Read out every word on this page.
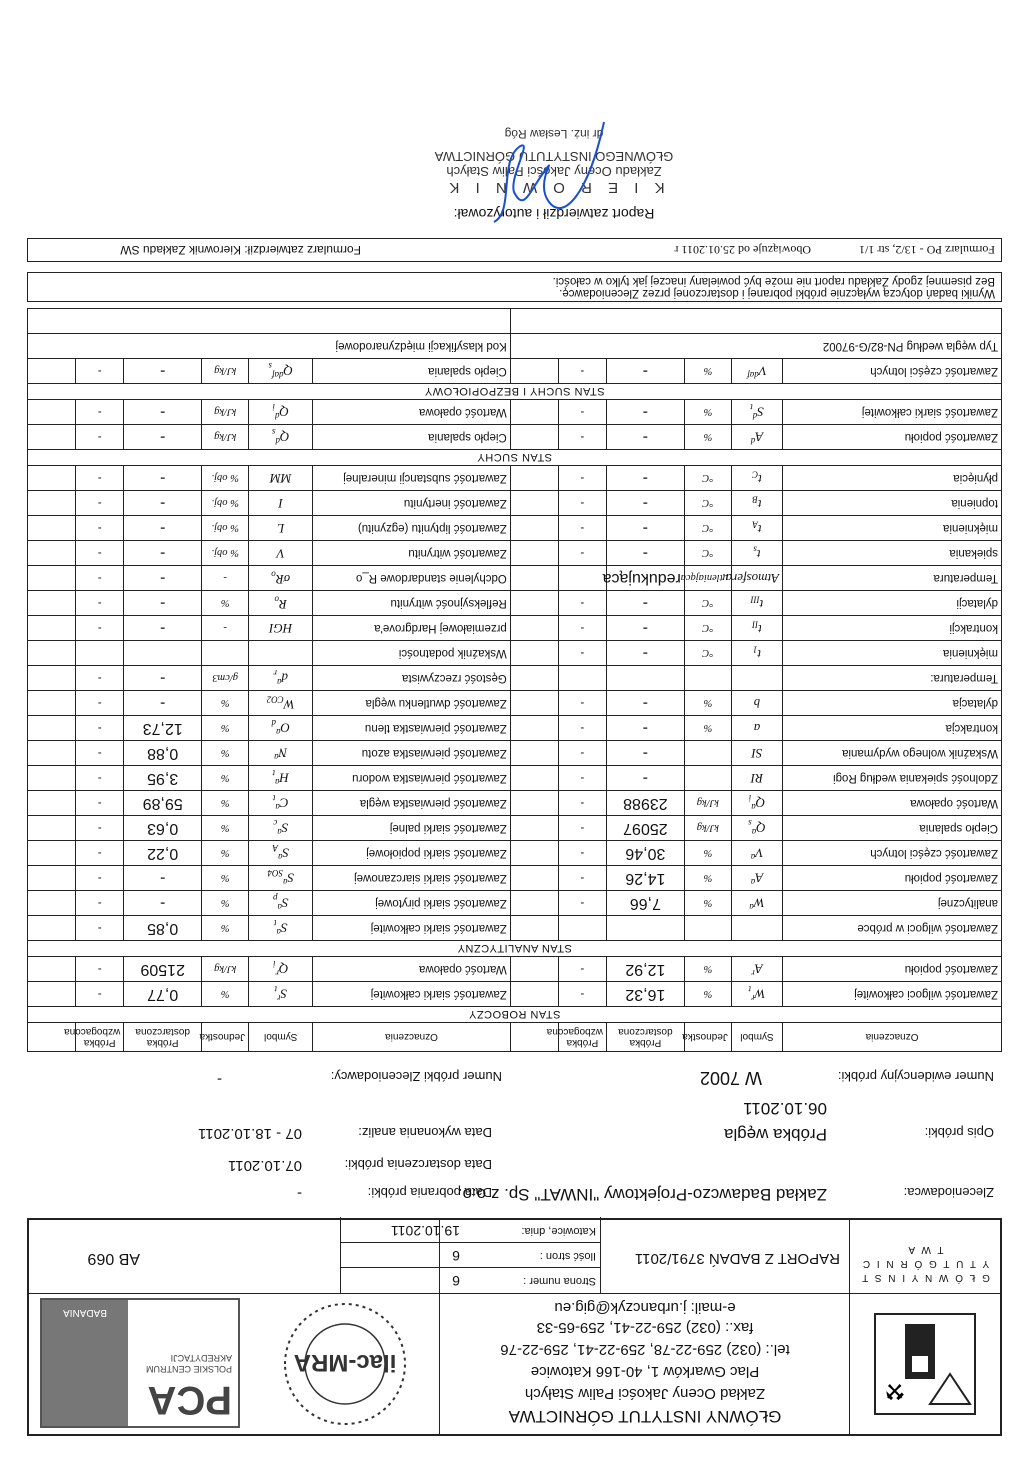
⚒
G Ł Ó W N Y I N S T Y T U T G Ó R N I C T W A
GŁÓWNY INSTYTUT GÓRNICTWA
Zakład Oceny Jakości Paliw Stałych
Plac Gwarków 1, 40-166 Katowice
tel.: (032) 259-22-78, 259-22-41, 259-22-76
fax.: (032) 259-22-41, 259-65-33
e-mail: j.urbanczyk@gig.eu
ilac-MRA
PCA
POLSKIE CENTRUM AKREDYTACJI
BADANIA
RAPORT Z BADAŃ 3791/2011
Strona numer :
6
Ilość stron :
6
Katowice, dnia:
19.10.2011
AB 069
Zleceniodawca:
Zakład Badawczo-Projektowy "INWAT" Sp. z o.o.
Data pobrania próbki:
-
Data dostarczenia próbki:
07.10.2011
Opis próbki:
Próbka węgla
06.10.2011
Data wykonania analiz:
07 - 18.10.2011
Numer ewidencyjny próbki:
W 7002
Numer próbki Zleceniodawcy:
-
Oznaczenia	Symbol	Jednostka	Próbka dostarczona	Próbka wzbogacona		Oznaczenia	Symbol	Jednostka	Próbka dostarczona	Próbka wzbogacona	
STAN ROBOCZY											
Zawartość wilgoci całkowitej	$W^r_t$	%	16,32	-		Zawartość siarki całkowitej	$S^r_t$	%	0,77	-	
Zawartość popiołu	$A^r$	%	12,92	-		Wartość opałowa	$Q^r_i$	kJ/kg	21509	-	
STAN ANALITYCZNY											
Zawartość wilgoci w próbce						Zawartość siarki całkowitej	$S^a_t$	%	0,85	-	
analitycznej	$W^a$	%	7,66	-		Zawartość siarki pirytowej	$S^a_p$	%	-	-	
Zawartość popiołu	$A^a$	%	14,26	-		Zawartość siarki siarczanowej	$S^a_{SO4}$	%	-	-	
Zawartość części lotnych	$V^a$	%	30,46	-		Zawartość siarki popiołowej	$S^a_A$	%	0,22	-	
Ciepło spalania	$Q^a_s$	kJ/kg	25097	-		Zawartość siarki palnej	$S^a_c$	%	0,63	-	
Wartość opałowa	$Q^a_i$	kJ/kg	23988	-		Zawartość pierwiastka węgla	$C^a_t$	%	59,89	-	
Zdolność spiekania według Rogi	RI		-	-		Zawartość pierwiastka wodoru	$H^a_t$	%	3,95	-	
Wskaźnik wolnego wydymania	SI		-	-		Zawartość pierwiastka azotu	$N^a$	%	0,88	-	
kontrakcja	a	%	-	-		Zawartość pierwiastka tlenu	$O^a_d$	%	12,73	-	
dylatacja	b	%	-	-		Zawartość dwutlenku węgla	$W_{CO2}$	%	-	-	
Temperatura:						Gęstość rzeczywista	$d^a_r$	g/cm3	-	-	
mięknienia	$t_1$	°C	-	-		Wskaźnik podatności					
kontrakcji	$t_{II}$	°C	-	-		przemiałowej Hardgrove'a	HGI	-	-	-	
dylatacji	$t_{III}$	°C	-	-		Refleksyjność witrynitu	$R_o$	%	-	-	
Temperatura	Atmosfera:	utleniająca	redukująca			Odchylenie standardowe R_o	$\sigma R_o$	-	-	-	
spiekania	$t_s$	°C	-	-		Zawartość witrynitu	V	% obj.	-	-	
mięknienia	$t_A$	°C	-	-		Zawartość liptynitu (egzynitu)	L	% obj.	-	-	
topnienia	$t_B$	°C	-	-		Zawartość inertynitu	I	% obj.	-	-	
płynięcia	$t_C$	°C	-	-		Zawartość substancji mineralnej	MM	% obj.	-	-	
STAN SUCHY											
Zawartość popiołu	$A^d$	%	-	-		Ciepło spalania	$Q^d_s$	kJ/kg	-	-	
Zawartość siarki całkowitej	$S^d_t$	%	-	-		Wartość opałowa	$Q^d_i$	kJ/kg	-	-	
STAN SUCHY I BEZPOPIOŁOWY											
Zawartość części lotnych	$V^{daf}$	%	-	-		Ciepło spalania	$Q^{daf}_s$	kJ/kg	-	-	
Typ węgla według PN-82/G-97002						Kod klasyfikacji międzynarodowej					

Wyniki badań dotyczą wyłącznie próbki pobranej i dostarczonej przez Zleceniodawcę.
Bez pisemnej zgody Zakładu raport nie może być powielany inaczej jak tylko w całości.
Formularz PO - 13/2, str 1/1
Obowiązuje od 25.01.2011 r
Formularz zatwierdził: Kierownik Zakładu SW
Raport zatwierdził i autoryzował:
K I E R O W N I K
Zakładu Oceny Jakości Paliw Stałych
GŁÓWNEGO INSTYTUTU GÓRNICTWA
dr inż. Lesław Róg
